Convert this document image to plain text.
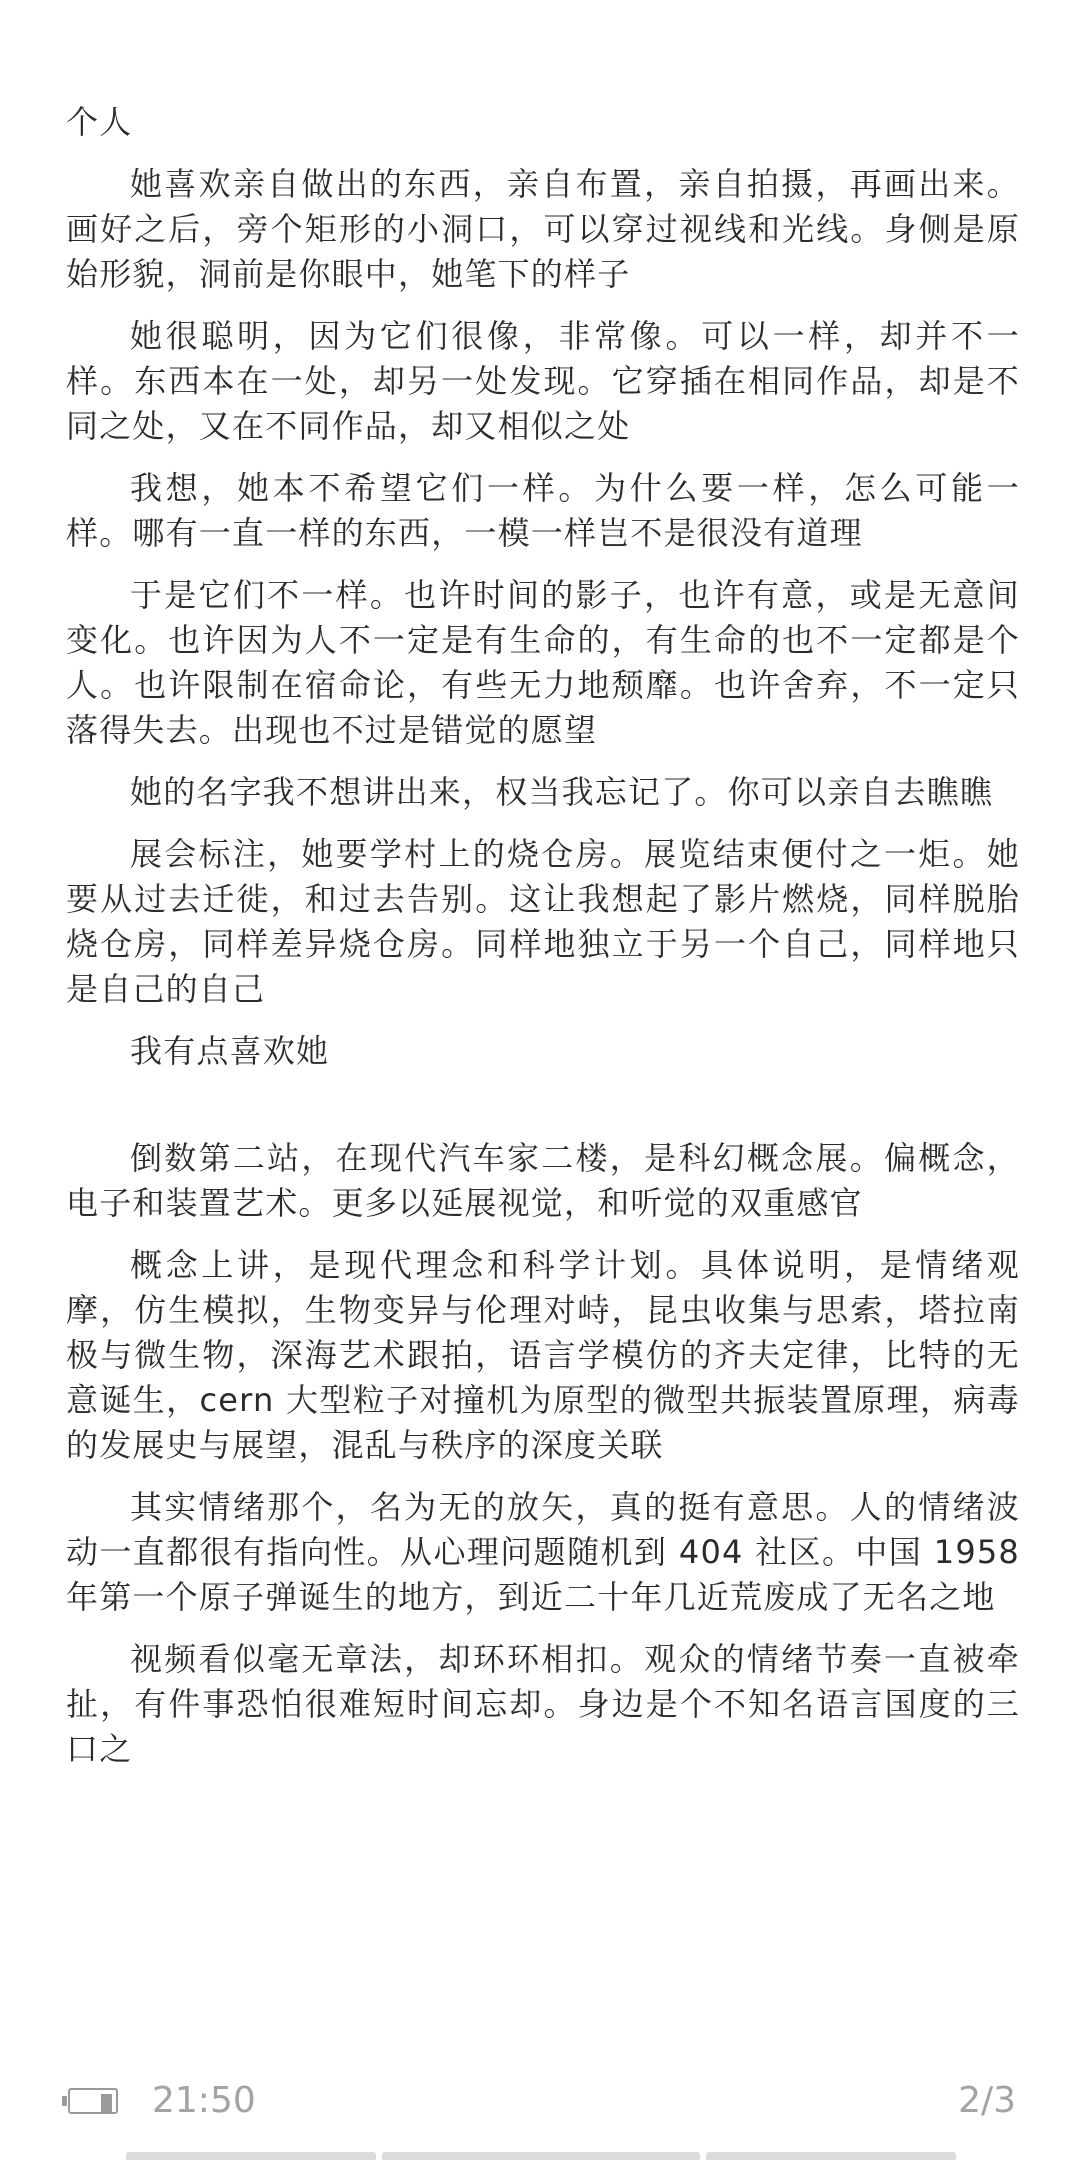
个人

她喜欢亲自做出的东西，亲自布置，亲自拍摄，再画出来。画好之后，旁个矩形的小洞口，可以穿过视线和光线。身侧是原始形貌，洞前是你眼中，她笔下的样子

她很聪明，因为它们很像，非常像。可以一样，却并不一样。东西本在一处，却另一处发现。它穿插在相同作品，却是不同之处，又在不同作品，却又相似之处

我想，她本不希望它们一样。为什么要一样，怎么可能一样。哪有一直一样的东西，一模一样岂不是很没有道理

于是它们不一样。也许时间的影子，也许有意，或是无意间变化。也许因为人不一定是有生命的，有生命的也不一定都是个人。也许限制在宿命论，有些无力地颓靡。也许舍弃，不一定只落得失去。出现也不过是错觉的愿望

她的名字我不想讲出来，权当我忘记了。你可以亲自去瞧瞧

展会标注，她要学村上的烧仓房。展览结束便付之一炬。她要从过去迁徙，和过去告别。这让我想起了影片燃烧，同样脱胎烧仓房，同样差异烧仓房。同样地独立于另一个自己，同样地只是自己的自己

我有点喜欢她

倒数第二站，在现代汽车家二楼，是科幻概念展。偏概念，电子和装置艺术。更多以延展视觉，和听觉的双重感官

概念上讲，是现代理念和科学计划。具体说明，是情绪观摩，仿生模拟，生物变异与伦理对峙，昆虫收集与思索，塔拉南极与微生物，深海艺术跟拍，语言学模仿的齐夫定律，比特的无意诞生，cern 大型粒子对撞机为原型的微型共振装置原理，病毒的发展史与展望，混乱与秩序的深度关联

其实情绪那个，名为无的放矢，真的挺有意思。人的情绪波动一直都很有指向性。从心理问题随机到 404 社区。中国 1958 年第一个原子弹诞生的地方，到近二十年几近荒废成了无名之地

视频看似毫无章法，却环环相扣。观众的情绪节奏一直被牵扯，有件事恐怕很难短时间忘却。身边是个不知名语言国度的三口之

21:50	2/3
